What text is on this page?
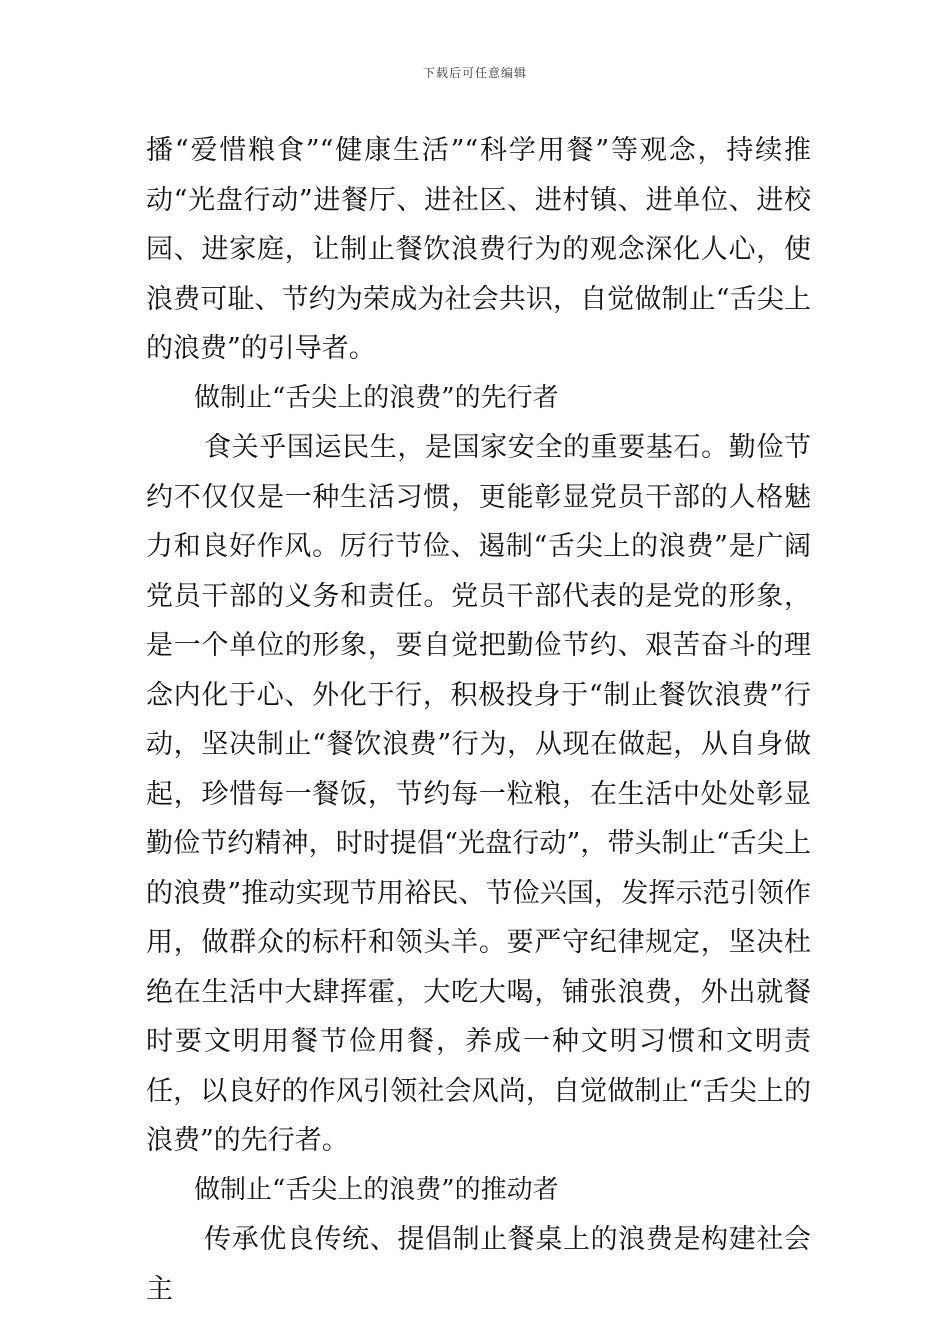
下载后可任意编辑

播“爱惜粮食”“健康生活”“科学用餐”等观念，持续推动“光盘行动”进餐厅、进社区、进村镇、进单位、进校园、进家庭，让制止餐饮浪费行为的观念深化人心，使浪费可耻、节约为荣成为社会共识，自觉做制止“舌尖上的浪费”的引导者。

做制止“舌尖上的浪费”的先行者

食关乎国运民生，是国家安全的重要基石。勤俭节约不仅仅是一种生活习惯，更能彰显党员干部的人格魅力和良好作风。厉行节俭、遏制“舌尖上的浪费”是广阔党员干部的义务和责任。党员干部代表的是党的形象，是一个单位的形象，要自觉把勤俭节约、艰苦奋斗的理念内化于心、外化于行，积极投身于“制止餐饮浪费”行动，坚决制止“餐饮浪费”行为，从现在做起，从自身做起，珍惜每一餐饭，节约每一粒粮，在生活中处处彰显勤俭节约精神，时时提倡“光盘行动”，带头制止“舌尖上的浪费”推动实现节用裕民、节俭兴国，发挥示范引领作用，做群众的标杆和领头羊。要严守纪律规定，坚决杜绝在生活中大肆挥霍，大吃大喝，铺张浪费，外出就餐时要文明用餐节俭用餐，养成一种文明习惯和文明责任，以良好的作风引领社会风尚，自觉做制止“舌尖上的浪费”的先行者。

做制止“舌尖上的浪费”的推动者

传承优良传统、提倡制止餐桌上的浪费是构建社会主
